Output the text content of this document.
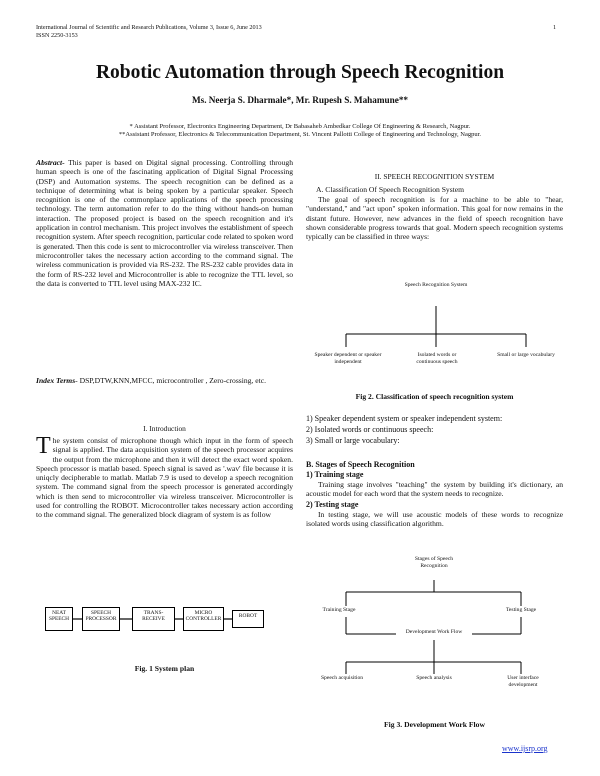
International Journal of Scientific and Research Publications, Volume 3, Issue 6, June 2013
ISSN 2250-3153
1
Robotic Automation through Speech Recognition
Ms. Neerja S. Dharmale*, Mr. Rupesh S. Mahamune**
* Assistant Professor, Electronics Engineering Department, Dr Babasaheb Ambedkar College Of Engineering & Research, Nagpur.
**Assistant Professor, Electronics & Telecommunication Department, St. Vincent Pallotti College of Engineering and Technology, Nagpur.

Abstract- This paper is based on Digital signal processing. Controlling through human speech is one of the fascinating application of Digital Signal Processing (DSP) and Automation systems. The speech recognition can be defined as a technique of determining what is being spoken by a particular speaker. Speech recognition is one of the commonplace applications of the speech processing technology. The term automation refer to do the thing without hands-on human interaction. The proposed project is based on the speech recognition and it's application in control mechanism. This project involves the establishment of speech recognition system. After speech recognition, particular code related to spoken word is generated. Then this code is sent to microcontroller via wireless transceiver. Then microcontroller takes the necessary action according to the command signal. The wireless communication is provided via RS-232. The RS-232 cable provides data in the form of RS-232 level and Microcontroller is able to recognize the TTL level, so the data is converted to TTL level using MAX-232 IC.

Index Terms- DSP,DTW,KNN,MFCC, microcontroller , Zero-crossing, etc.

I. Introduction

The system consist of microphone though which input in the form of speech signal is applied. The data acquisition system of the speech processor acquires the output from the microphone and then it will detect the exact word spoken. Speech processor is matlab based. Speech signal is saved as '.wav' file because it is uniqcly decipherable to matlab. Matlab 7.9 is used to develop a speech recognition system. The command signal from the speech processor is generated accordingly which is then send to microcontroller via wireless transceiver. Microcontroller is used for controlling the ROBOT. Microcontroller takes necessary action according to the command signal. The generalized block diagram of system is as follow

NEAT SPEECH
SPEECH PROCESSOR
TRANS-RECEIVE
MICRO CONTROLLER	ROBOT
Fig. 1 System plan
II. SPEECH RECOGNITION SYSTEM

A. Classification Of Speech Recognition System

The goal of speech recognition is for a machine to be able to "hear, "understand," and "act upon" spoken information. This goal for now remains in the distant future. However, new advances in the field of speech recognition have shown considerable progress towards that goal. Modern speech recognition systems typically can be classified in three ways:

Speech Recognition System
Speaker dependent or speaker independent
Isolated words or continuous speech
Small or large vocabulary
Fig 2. Classification of speech recognition system
1) Speaker dependent system or speaker independent system:
2) Isolated words or continuous speech:
3) Small or large vocabulary:
B. Stages of Speech Recognition
1) Training stage
Training stage involves "teaching" the system by building it's dictionary, an acoustic model for each word that the system needs to recognize.
2) Testing stage
In testing stage, we will use acoustic models of these words to recognize isolated words using classification algorithm.
Stages of Speech Recognition
Training Stage	Testing Stage
Development Work Flow
Speech acquisition	Speech analysis	User interface development
Fig 3. Development Work Flow
www.ijsrp.org
